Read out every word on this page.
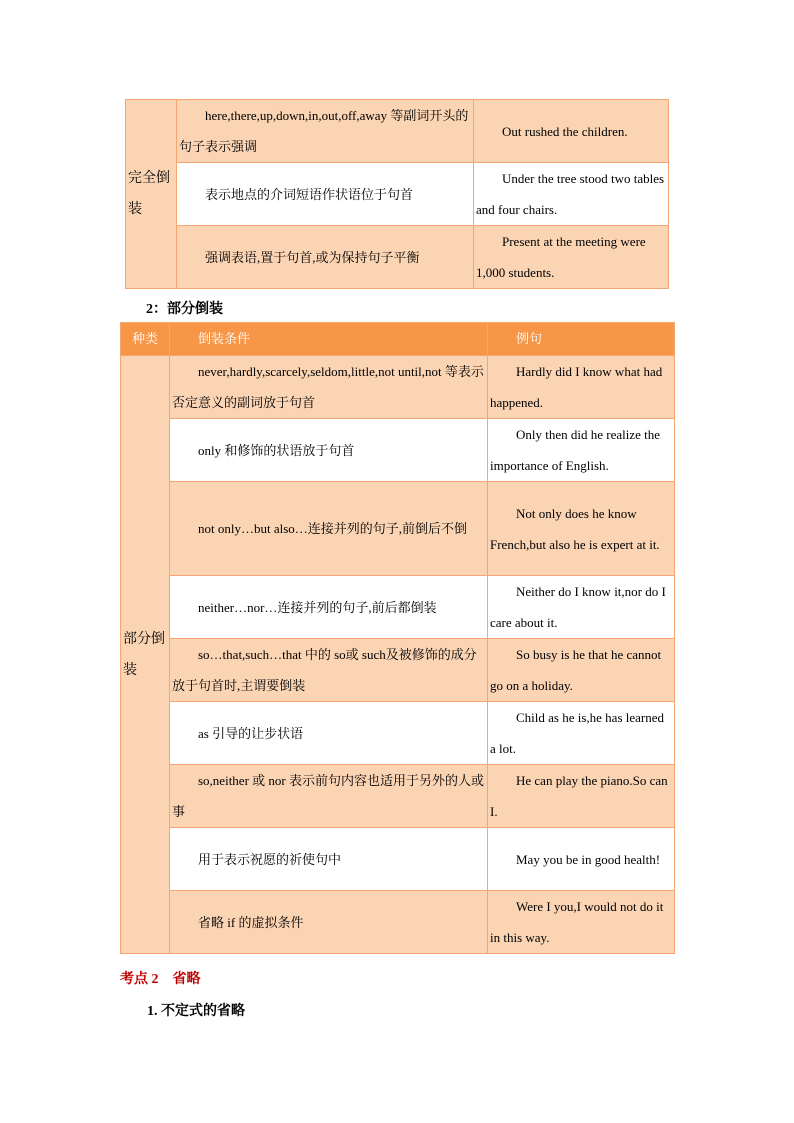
完全倒装	here,there,up,down,in,out,off,away 等副词开头的句子表示强调	Out rushed the children.
	表示地点的介词短语作状语位于句首	Under the tree stood two tables and four chairs.
	强调表语,置于句首,或为保持句子平衡	Present at the meeting were 1,000 students.
2：部分倒装
种类	倒装条件	例句
部分倒装	never,hardly,scarcely,seldom,little,not until,not 等表示否定意义的副词放于句首	Hardly did I know what had happened.
	only 和修饰的状语放于句首	Only then did he realize the importance of English.
	not only…but also…连接并列的句子,前倒后不倒	Not only does he know French,but also he is expert at it.
	neither…nor…连接并列的句子,前后都倒装	Neither do I know it,nor do I care about it.
	so…that,such…that 中的 so或 such及被修饰的成分放于句首时,主谓要倒装	So busy is he that he cannot go on a holiday.
	as 引导的让步状语	Child as he is,he has learned a lot.
	so,neither 或 nor 表示前句内容也适用于另外的人或事	He can play the piano.So can I.
	用于表示祝愿的祈使句中	May you be in good health!
	省略 if 的虚拟条件	Were I you,I would not do it in this way.
考点 2 省略
1. 不定式的省略
